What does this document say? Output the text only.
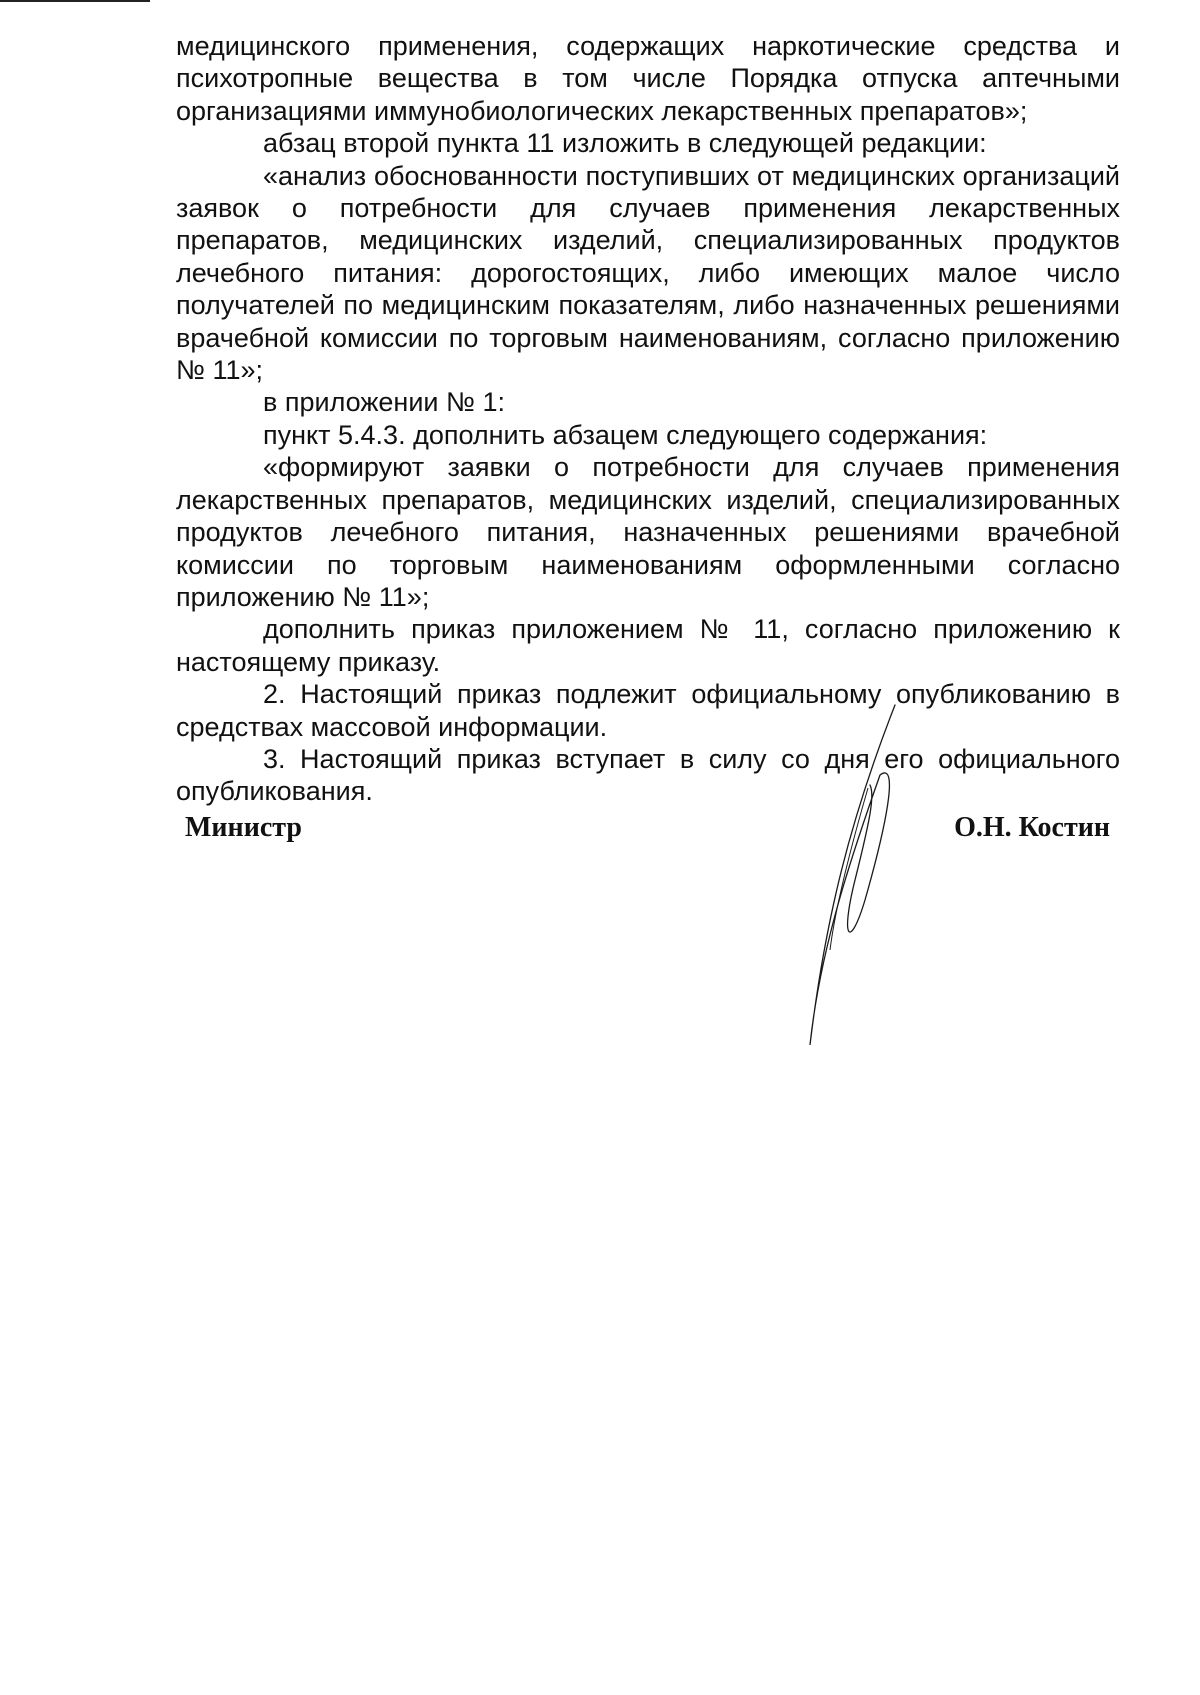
медицинского применения, содержащих наркотические средства и психотропные вещества в том числе Порядка отпуска аптечными организациями иммунобиологических лекарственных препаратов»;

абзац второй пункта 11 изложить в следующей редакции:

«анализ обоснованности поступивших от медицинских организаций заявок о потребности для случаев применения лекарственных препаратов, медицинских изделий, специализированных продуктов лечебного питания: дорогостоящих, либо имеющих малое число получателей по медицинским показателям, либо назначенных решениями врачебной комиссии по торговым наименованиям, согласно приложению № 11»;

в приложении № 1:

пункт 5.4.3. дополнить абзацем следующего содержания:

«формируют заявки о потребности для случаев применения лекарственных препаратов, медицинских изделий, специализированных продуктов лечебного питания, назначенных решениями врачебной комиссии по торговым наименованиям оформленными согласно приложению № 11»;

дополнить приказ приложением № 11, согласно приложению к настоящему приказу.

2. Настоящий приказ подлежит официальному опубликованию в средствах массовой информации.

3. Настоящий приказ вступает в силу со дня его официального опубликования.

Министр	О.Н. Костин
